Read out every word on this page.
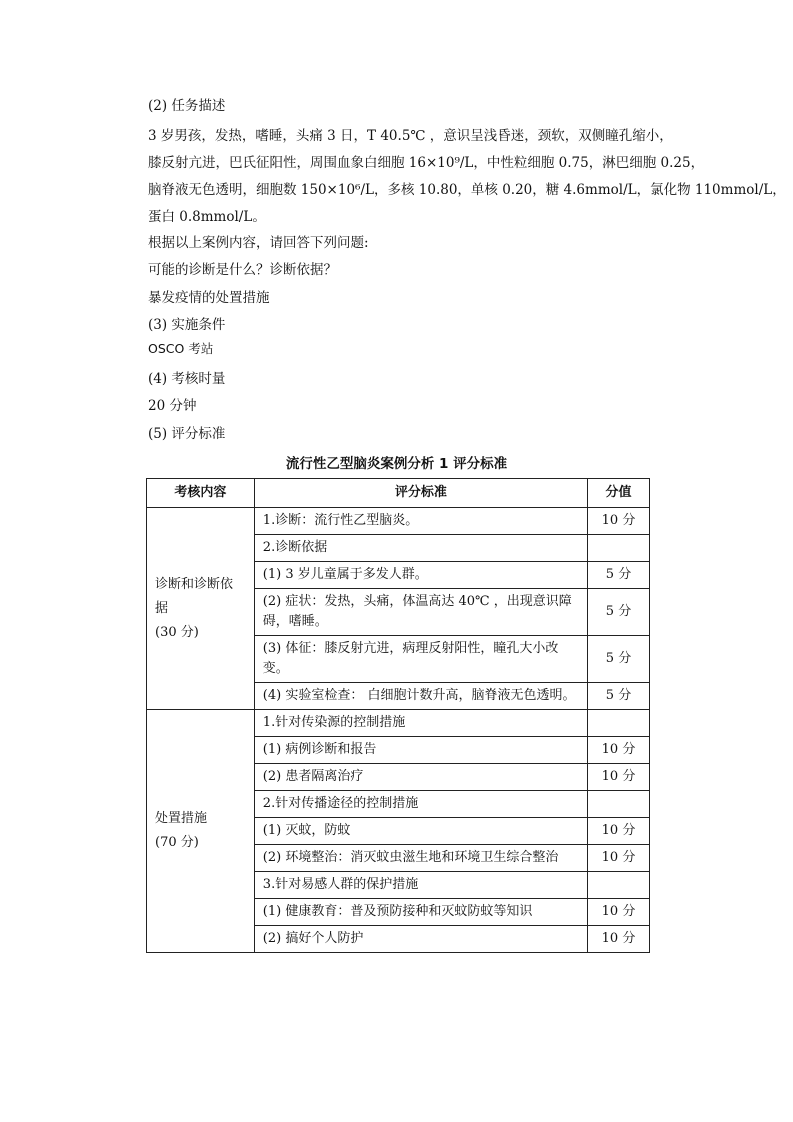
(2) 任务描述
3 岁男孩，发热，嗜睡，头痛 3 日，T 40.5℃ ，意识呈浅昏迷，颈软，双侧瞳孔缩小，
膝反射亢进，巴氏征阳性，周围血象白细胞 16×10⁹/L，中性粒细胞 0.75，淋巴细胞 0.25，
脑脊液无色透明，细胞数 150×10⁶/L，多核 10.80，单核 0.20，糖 4.6mmol/L，氯化物 110mmol/L，
蛋白 0.8mmol/L。
根据以上案例内容，请回答下列问题:
可能的诊断是什么？诊断依据？
暴发疫情的处置措施
(3) 实施条件
OSCO 考站
(4) 考核时量
20 分钟
(5) 评分标准
流行性乙型脑炎案例分析 1 评分标准
考核内容	评分标准	分值

诊断和诊断依据
(30 分)	1.诊断：流行性乙型脑炎。	10 分
	2.诊断依据	
	(1) 3 岁儿童属于多发人群。	5 分
	(2) 症状：发热，头痛，体温高达 40℃ ，出现意识障碍，嗜睡。	5 分
	(3) 体征：膝反射亢进，病理反射阳性，瞳孔大小改变。	5 分
	(4) 实验室检查： 白细胞计数升高，脑脊液无色透明。	5 分

处置措施
(70 分)	1.针对传染源的控制措施	
	(1) 病例诊断和报告	10 分
	(2) 患者隔离治疗	10 分
	2.针对传播途径的控制措施	
	(1) 灭蚊，防蚊	10 分
	(2) 环境整治：消灭蚊虫滋生地和环境卫生综合整治	10 分
	3.针对易感人群的保护措施	
	(1) 健康教育：普及预防接种和灭蚊防蚊等知识	10 分
	(2) 搞好个人防护	10 分
